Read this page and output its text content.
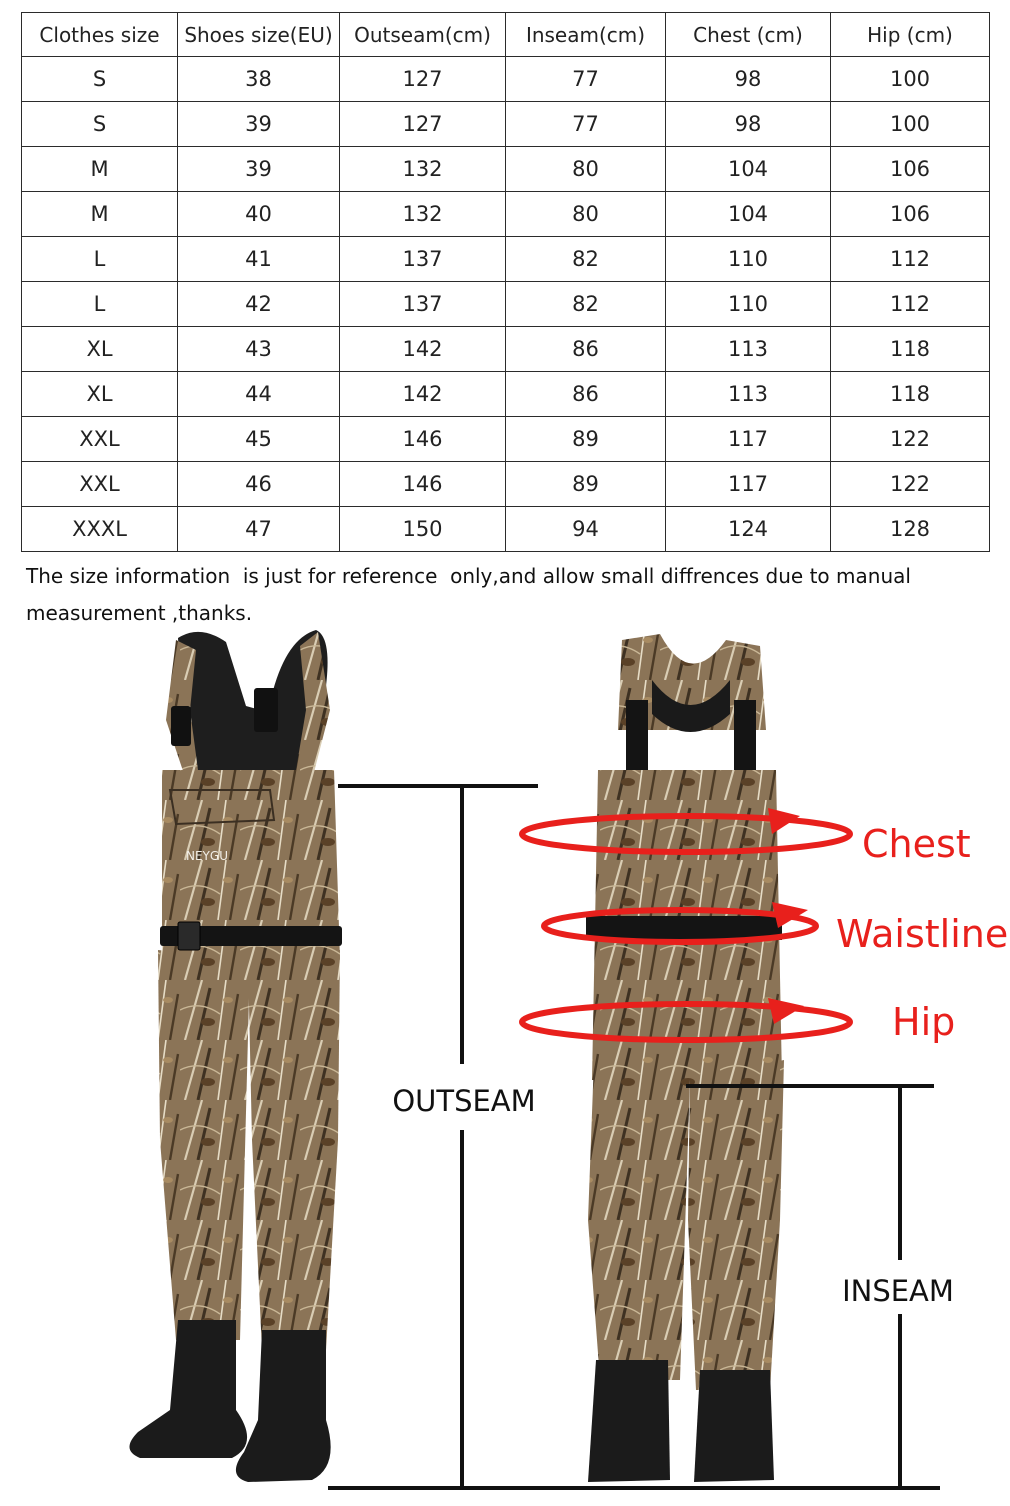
Clothes size	Shoes size(EU)	Outseam(cm)	Inseam(cm)	Chest (cm)	Hip (cm)
S	38	127	77	98	100
S	39	127	77	98	100
M	39	132	80	104	106
M	40	132	80	104	106
L	41	137	82	110	112
L	42	137	82	110	112
XL	43	142	86	113	118
XL	44	142	86	113	118
XXL	45	146	89	117	122
XXL	46	146	89	117	122
XXXL	47	150	94	124	128
The size information  is just for reference  only,and allow small diffrences due to manual
measurement ,thanks.
NEYGU
OUTSEAM
Chest
Waistline
Hip
INSEAM
